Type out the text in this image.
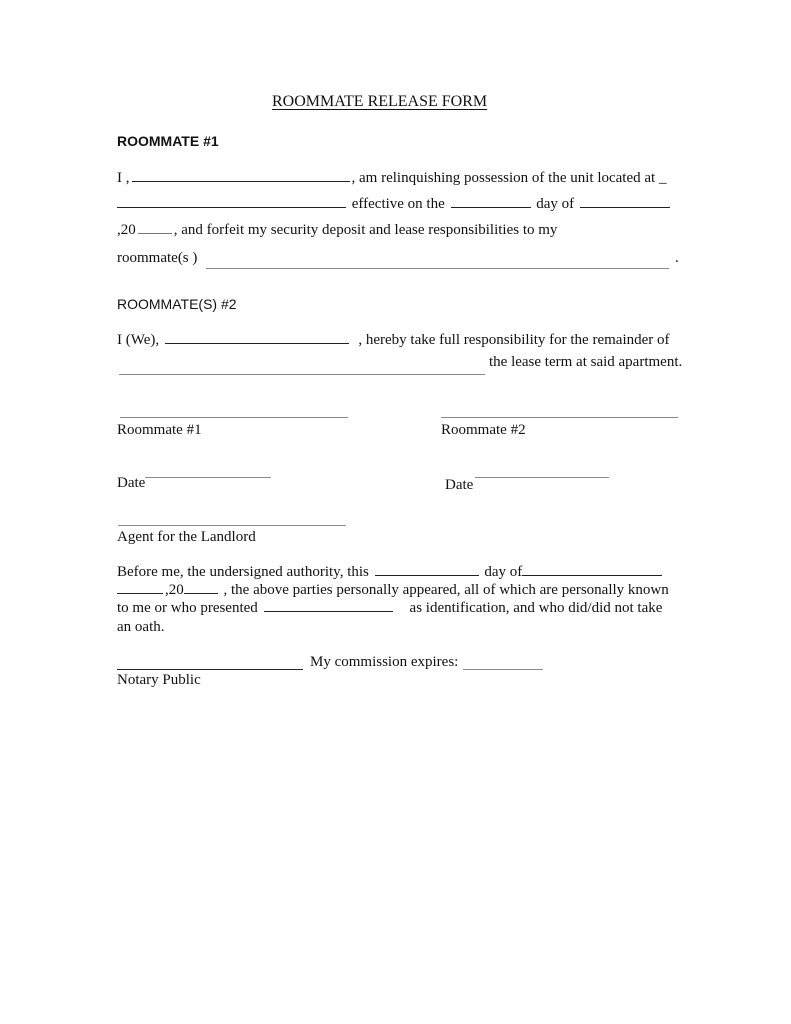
ROOMMATE RELEASE FORM
ROOMMATE #1
I ,	, am relinquishing possession of the unit located at _
effective on the	day of
,20	, and forfeit my security deposit and lease responsibilities to my
roommate(s )	.
ROOMMATE(S) #2
I (We),	, hereby take full responsibility for the remainder of
the lease term at said apartment.
Roommate #1	Roommate #2
Date	Date
Agent for the Landlord
Before me, the undersigned authority, this	day of
,20	, the above parties personally appeared, all of which are personally known
to me or who presented	as identification, and who did/did not take
an oath.
My commission expires:
Notary Public
